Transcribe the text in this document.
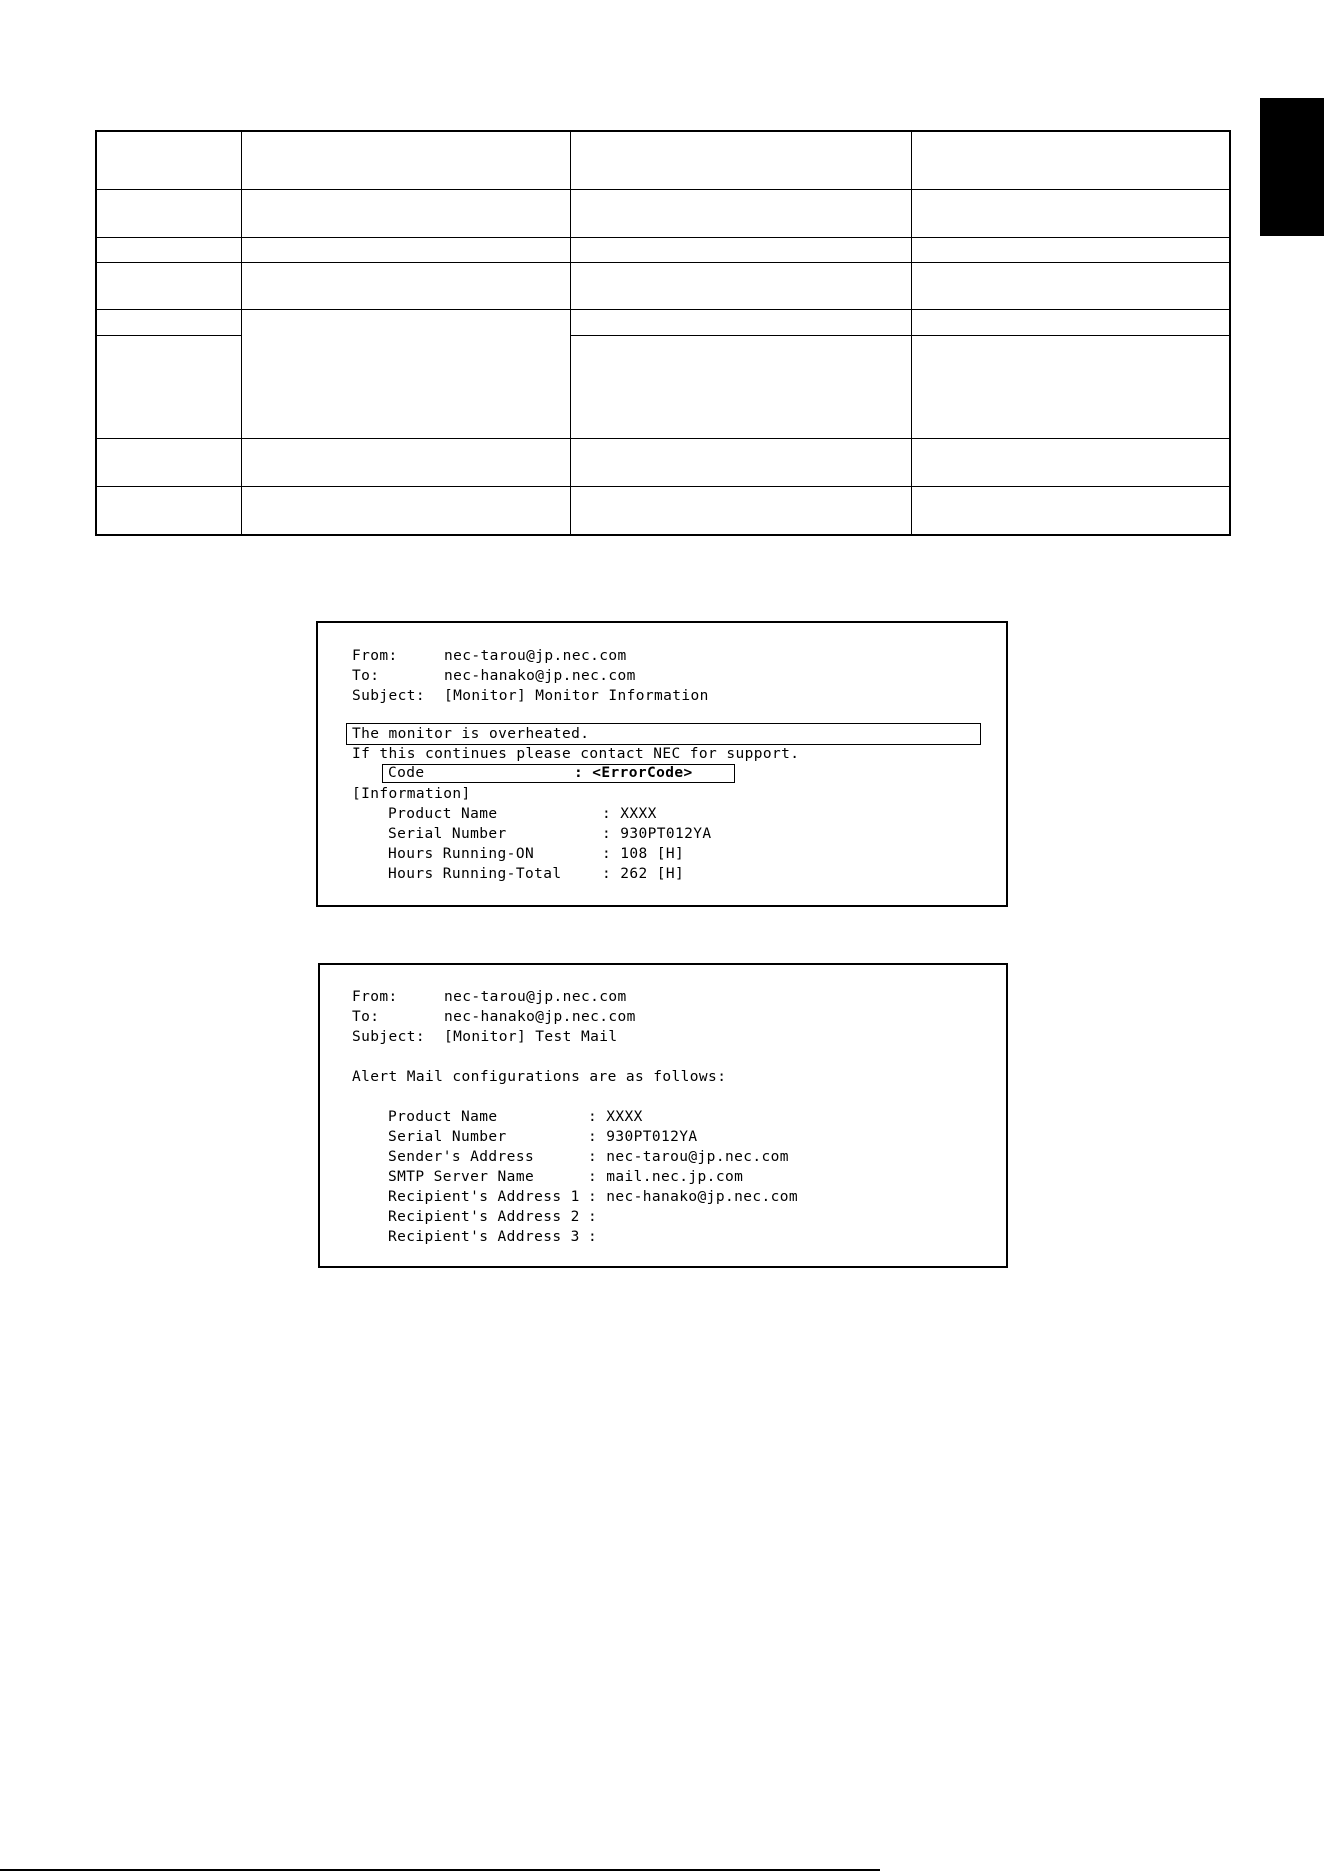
From:	nec-tarou@jp.nec.com
To:	nec-hanako@jp.nec.com
Subject: [Monitor] Monitor Information
The monitor is overheated.
If this continues please contact NEC for support.
Code	: <ErrorCode>
[Information]
Product Name	: XXXX
Serial Number	: 930PT012YA
Hours Running-ON	: 108 [H]
Hours Running-Total	: 262 [H]
From:	nec-tarou@jp.nec.com
To:	nec-hanako@jp.nec.com
Subject: [Monitor] Test Mail
Alert Mail configurations are as follows:
Product Name	: XXXX
Serial Number	: 930PT012YA
Sender's Address	: nec-tarou@jp.nec.com
SMTP Server Name	: mail.nec.jp.com
Recipient's Address 1 : nec-hanako@jp.nec.com
Recipient's Address 2 :
Recipient's Address 3 :
